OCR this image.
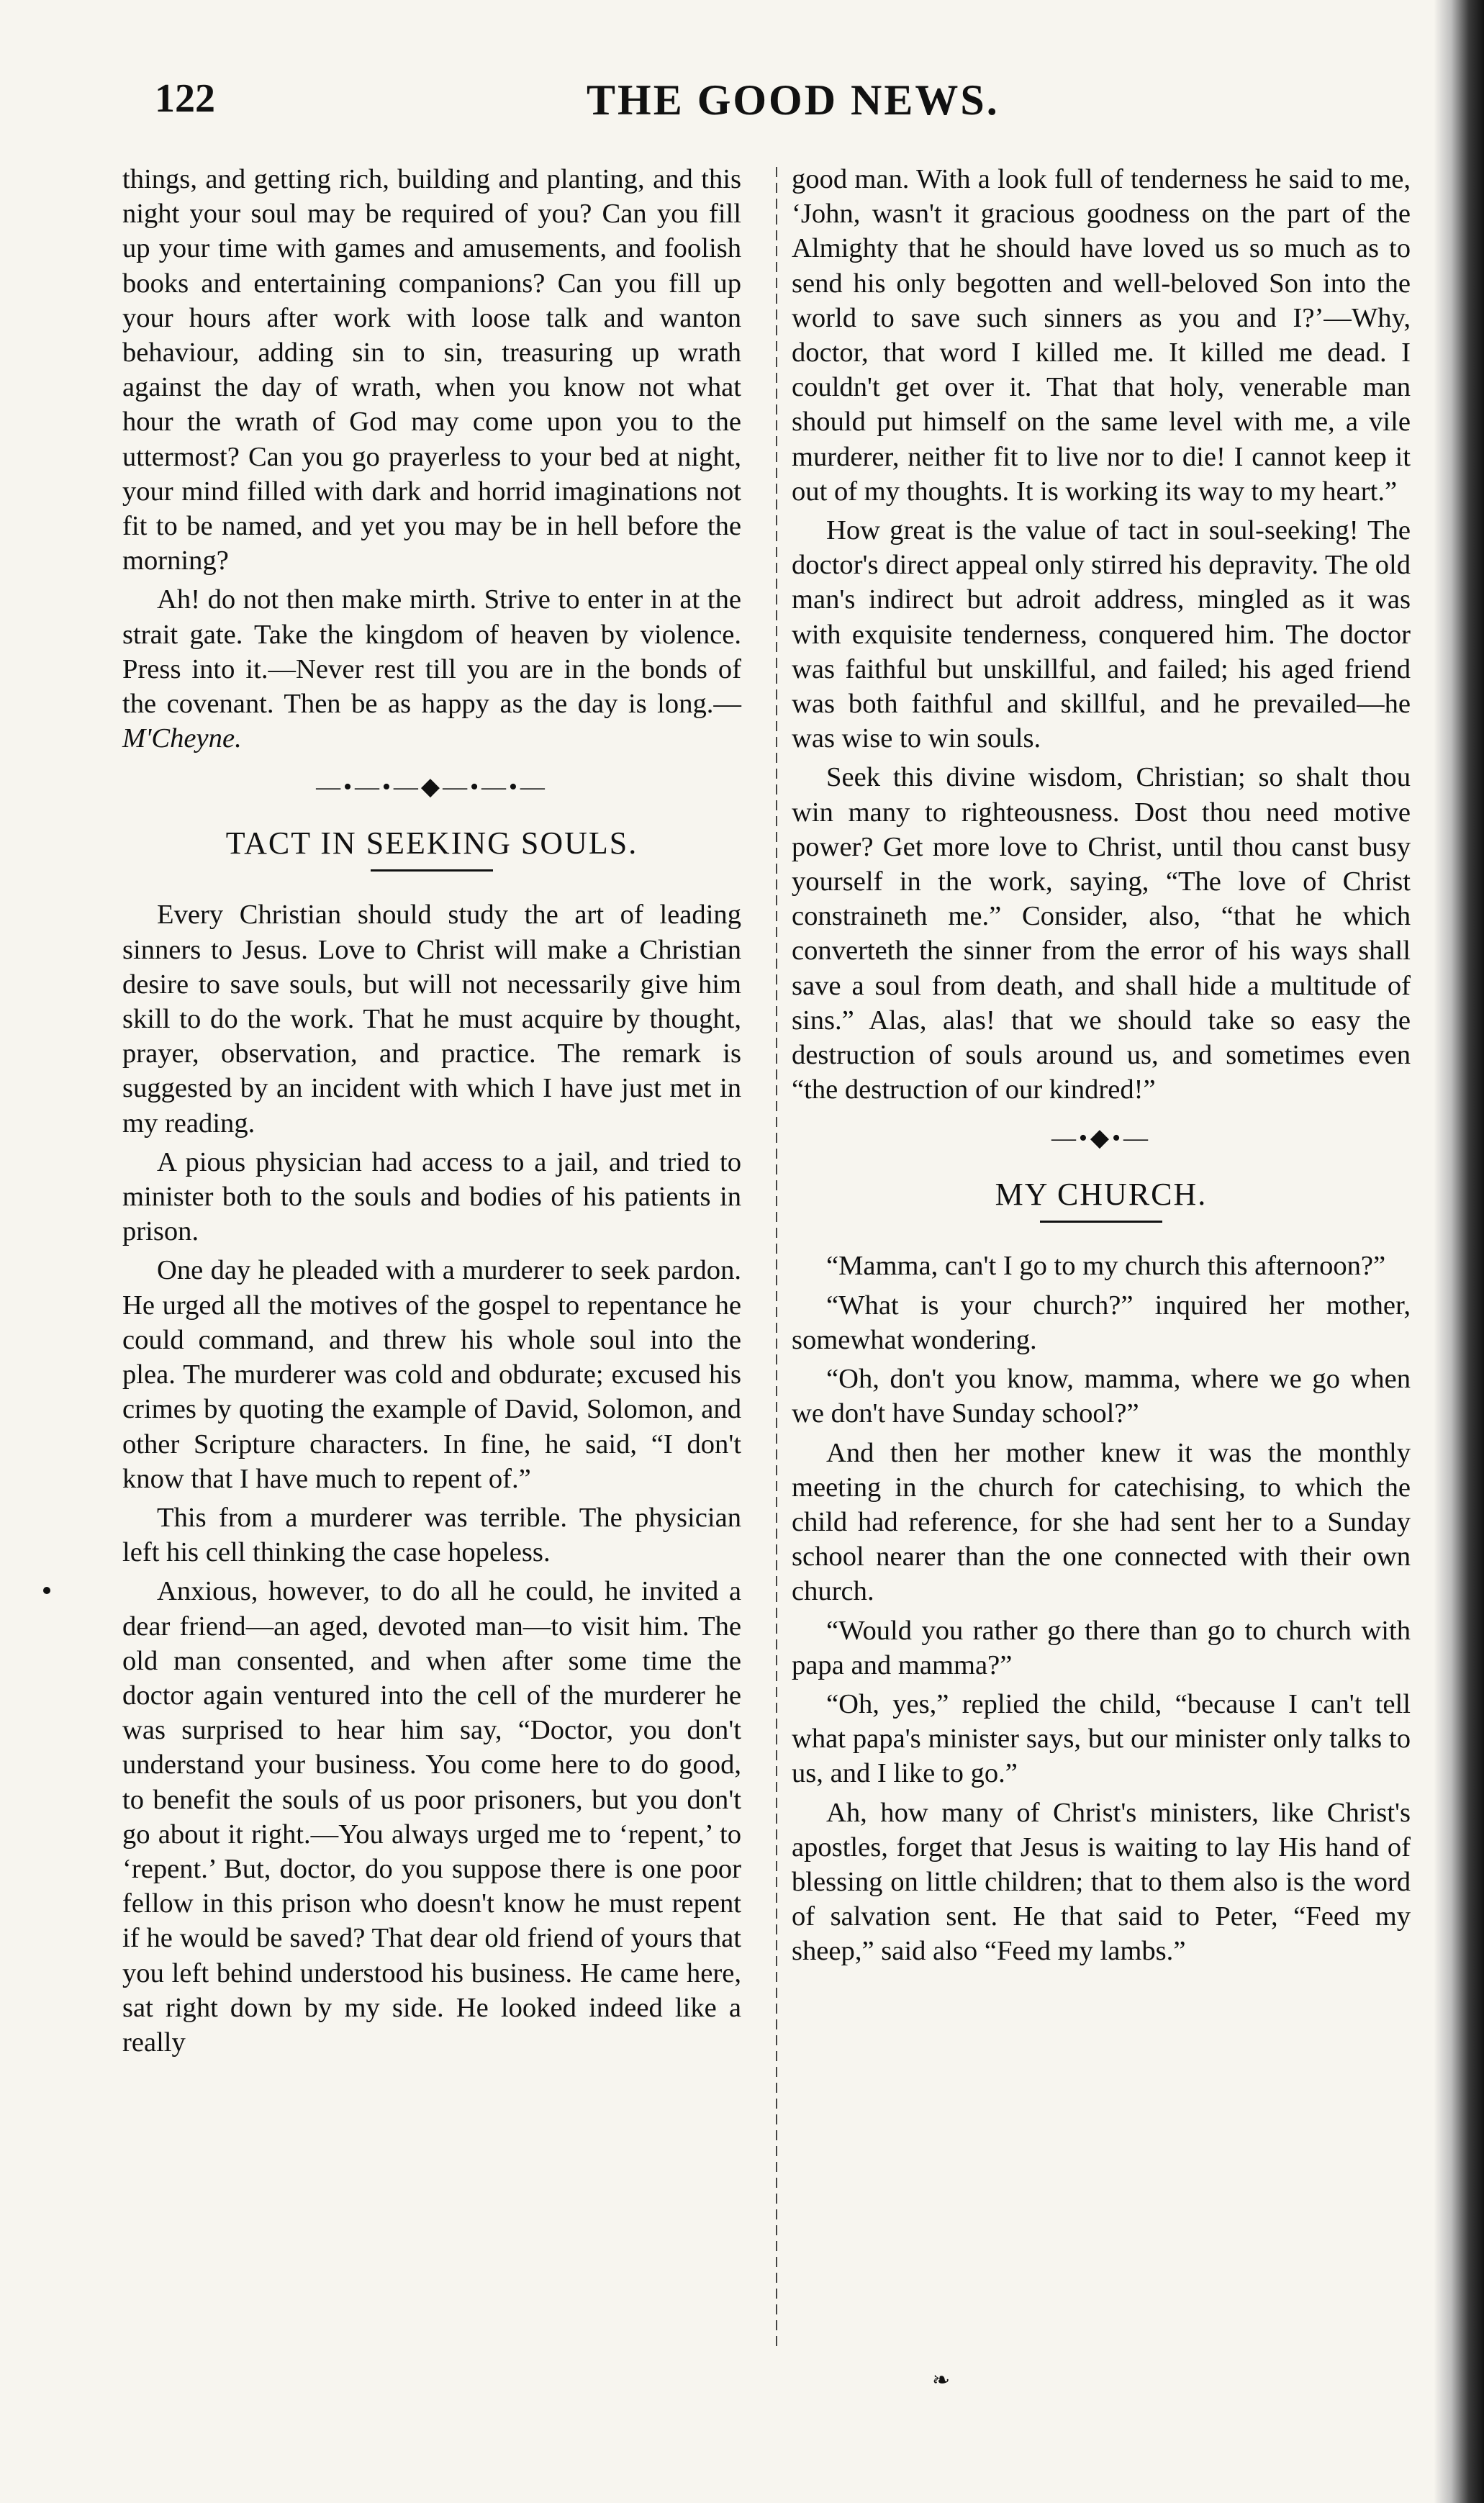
122	THE GOOD NEWS.

things, and getting rich, building and planting, and this night your soul may be required of you? Can you fill up your time with games and amusements, and foolish books and entertaining companions? Can you fill up your hours after work with loose talk and wanton behaviour, adding sin to sin, treasuring up wrath against the day of wrath, when you know not what hour the wrath of God may come upon you to the uttermost? Can you go prayerless to your bed at night, your mind filled with dark and horrid imaginations not fit to be named, and yet you may be in hell before the morning?

Ah! do not then make mirth. Strive to enter in at the strait gate. Take the kingdom of heaven by violence. Press into it.—Never rest till you are in the bonds of the covenant. Then be as happy as the day is long.—M'Cheyne.

—•—•—◆—•—•—
TACT IN SEEKING SOULS.

Every Christian should study the art of leading sinners to Jesus. Love to Christ will make a Christian desire to save souls, but will not necessarily give him skill to do the work. That he must acquire by thought, prayer, observation, and practice. The remark is suggested by an incident with which I have just met in my reading.

A pious physician had access to a jail, and tried to minister both to the souls and bodies of his patients in prison.

One day he pleaded with a murderer to seek pardon. He urged all the motives of the gospel to repentance he could command, and threw his whole soul into the plea. The murderer was cold and obdurate; excused his crimes by quoting the example of David, Solomon, and other Scripture characters. In fine, he said, “I don't know that I have much to repent of.”

This from a murderer was terrible. The physician left his cell thinking the case hopeless.

Anxious, however, to do all he could, he invited a dear friend—an aged, devoted man—to visit him. The old man consented, and when after some time the doctor again ventured into the cell of the murderer he was surprised to hear him say, “Doctor, you don't understand your business. You come here to do good, to benefit the souls of us poor prisoners, but you don't go about it right.—You always urged me to ‘repent,’ to ‘repent.’ But, doctor, do you suppose there is one poor fellow in this prison who doesn't know he must repent if he would be saved? That dear old friend of yours that you left behind understood his business. He came here, sat right down by my side. He looked indeed like a really

good man. With a look full of tenderness he said to me, ‘John, wasn't it gracious goodness on the part of the Almighty that he should have loved us so much as to send his only begotten and well-beloved Son into the world to save such sinners as you and I?’—Why, doctor, that word I killed me. It killed me dead. I couldn't get over it. That that holy, venerable man should put himself on the same level with me, a vile murderer, neither fit to live nor to die! I cannot keep it out of my thoughts. It is working its way to my heart.”

How great is the value of tact in soul-seeking! The doctor's direct appeal only stirred his depravity. The old man's indirect but adroit address, mingled as it was with exquisite tenderness, conquered him. The doctor was faithful but unskillful, and failed; his aged friend was both faithful and skillful, and he prevailed—he was wise to win souls.

Seek this divine wisdom, Christian; so shalt thou win many to righteousness. Dost thou need motive power? Get more love to Christ, until thou canst busy yourself in the work, saying, “The love of Christ constraineth me.” Consider, also, “that he which converteth the sinner from the error of his ways shall save a soul from death, and shall hide a multitude of sins.” Alas, alas! that we should take so easy the destruction of souls around us, and sometimes even “the destruction of our kindred!”

—•◆•—
MY CHURCH.

“Mamma, can't I go to my church this afternoon?”

“What is your church?” inquired her mother, somewhat wondering.

“Oh, don't you know, mamma, where we go when we don't have Sunday school?”

And then her mother knew it was the monthly meeting in the church for catechising, to which the child had reference, for she had sent her to a Sunday school nearer than the one connected with their own church.

“Would you rather go there than go to church with papa and mamma?”

“Oh, yes,” replied the child, “because I can't tell what papa's minister says, but our minister only talks to us, and I like to go.”

Ah, how many of Christ's ministers, like Christ's apostles, forget that Jesus is waiting to lay His hand of blessing on little children; that to them also is the word of salvation sent. He that said to Peter, “Feed my sheep,” said also “Feed my lambs.”

❧
